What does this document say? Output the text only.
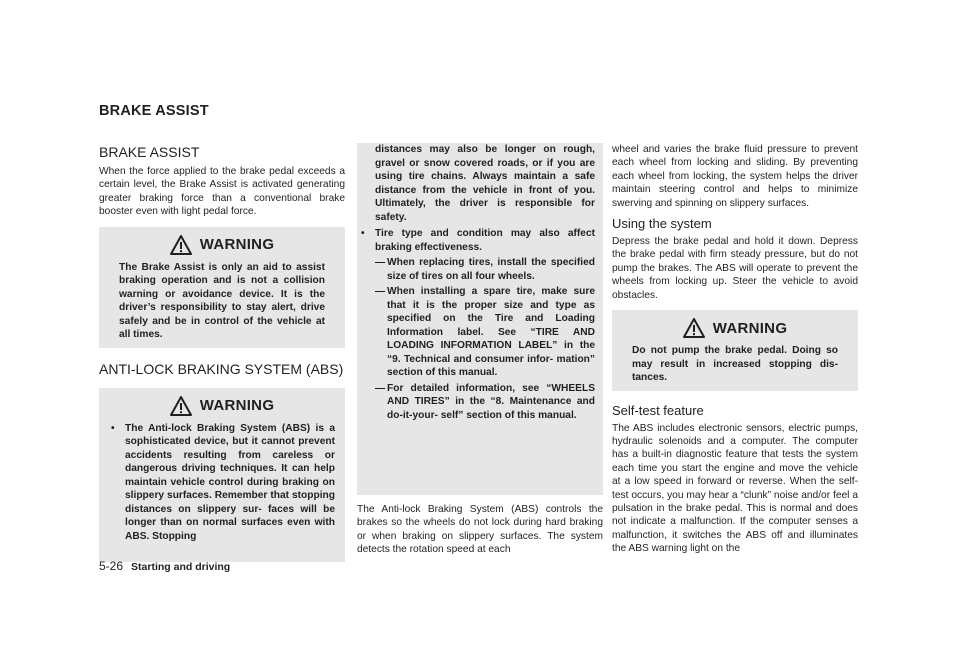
BRAKE ASSIST
BRAKE ASSIST

When the force applied to the brake pedal exceeds a certain level, the Brake Assist is activated generating greater braking force than a conventional brake booster even with light pedal force.

WARNING

The Brake Assist is only an aid to assist braking operation and is not a collision warning or avoidance device. It is the driver’s responsibility to stay alert, drive safely and be in control of the vehicle at all times.

ANTI-LOCK BRAKING SYSTEM (ABS)
WARNING
•	The Anti-lock Braking System (ABS) is a sophisticated device, but it cannot prevent accidents resulting from careless or dangerous driving techniques. It can help maintain vehicle control during braking on slippery surfaces. Remember that stopping distances on slippery sur- faces will be longer than on normal surfaces even with ABS. Stopping

distances may also be longer on rough, gravel or snow covered roads, or if you are using tire chains. Always maintain a safe distance from the vehicle in front of you. Ultimately, the driver is responsible for safety.

•	Tire type and condition may also affect braking effectiveness.
— When replacing tires, install the specified size of tires on all four wheels.
— When installing a spare tire, make sure that it is the proper size and type as specified on the Tire and Loading Information label. See “TIRE AND LOADING INFORMATION LABEL” in the “9. Technical and consumer infor- mation” section of this manual.
— For detailed information, see “WHEELS AND TIRES” in the “8. Maintenance and do-it-your- self” section of this manual.

The Anti-lock Braking System (ABS) controls the brakes so the wheels do not lock during hard braking or when braking on slippery surfaces. The system detects the rotation speed at each

wheel and varies the brake fluid pressure to prevent each wheel from locking and sliding. By preventing each wheel from locking, the system helps the driver maintain steering control and helps to minimize swerving and spinning on slippery surfaces.

Using the system

Depress the brake pedal and hold it down. Depress the brake pedal with firm steady pressure, but do not pump the brakes. The ABS will operate to prevent the wheels from locking up. Steer the vehicle to avoid obstacles.

WARNING

Do not pump the brake pedal. Doing so may result in increased stopping dis- tances.

Self-test feature

The ABS includes electronic sensors, electric pumps, hydraulic solenoids and a computer. The computer has a built-in diagnostic feature that tests the system each time you start the engine and move the vehicle at a low speed in forward or reverse. When the self-test occurs, you may hear a “clunk” noise and/or feel a pulsation in the brake pedal. This is normal and does not indicate a malfunction. If the computer senses a malfunction, it switches the ABS off and illuminates the ABS warning light on the

5-26 Starting and driving
